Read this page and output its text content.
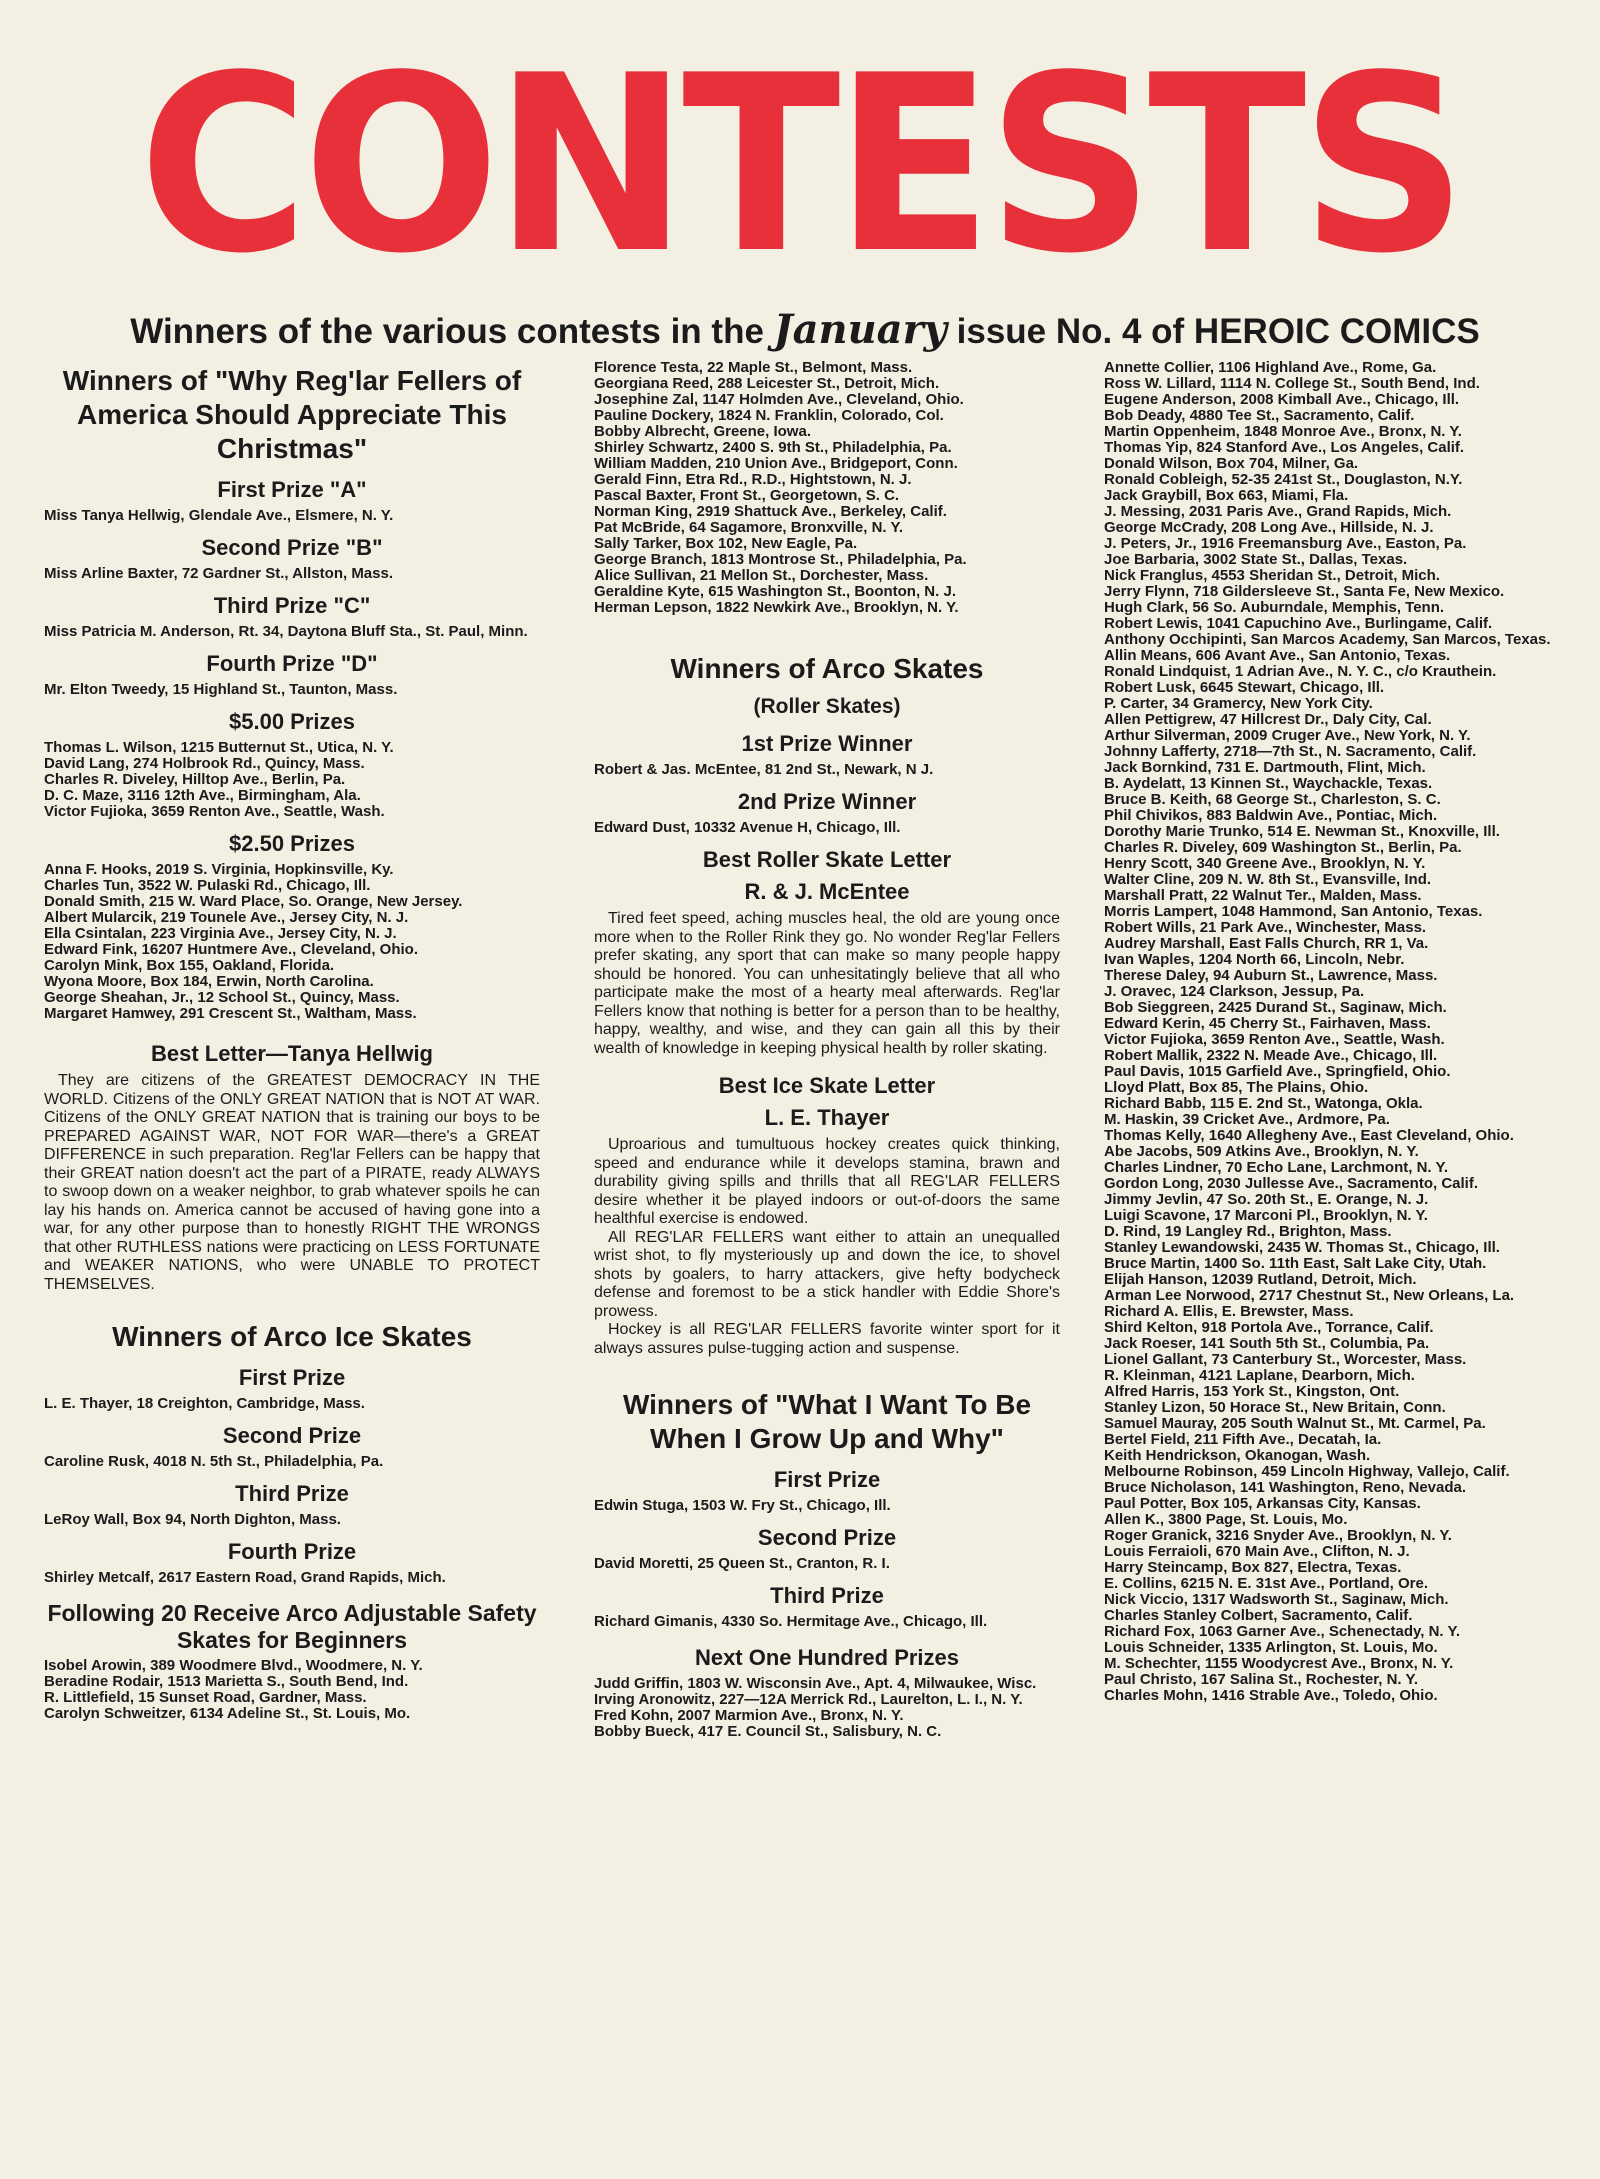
CONTESTS
Winners of the various contests in the January issue No. 4 of HEROIC COMICS
Winners of "Why Reg'lar Fellers of America Should Appreciate This Christmas"
First Prize "A"

Miss Tanya Hellwig, Glendale Ave., Elsmere, N. Y.

Second Prize "B"

Miss Arline Baxter, 72 Gardner St., Allston, Mass.

Third Prize "C"

Miss Patricia M. Anderson, Rt. 34, Daytona Bluff Sta., St. Paul, Minn.

Fourth Prize "D"

Mr. Elton Tweedy, 15 Highland St., Taunton, Mass.

$5.00 Prizes

Thomas L. Wilson, 1215 Butternut St., Utica, N. Y.

David Lang, 274 Holbrook Rd., Quincy, Mass.

Charles R. Diveley, Hilltop Ave., Berlin, Pa.

D. C. Maze, 3116 12th Ave., Birmingham, Ala.

Victor Fujioka, 3659 Renton Ave., Seattle, Wash.

$2.50 Prizes

Anna F. Hooks, 2019 S. Virginia, Hopkinsville, Ky.

Charles Tun, 3522 W. Pulaski Rd., Chicago, Ill.

Donald Smith, 215 W. Ward Place, So. Orange, New Jersey.

Albert Mularcik, 219 Tounele Ave., Jersey City, N. J.

Ella Csintalan, 223 Virginia Ave., Jersey City, N. J.

Edward Fink, 16207 Huntmere Ave., Cleveland, Ohio.

Carolyn Mink, Box 155, Oakland, Florida.

Wyona Moore, Box 184, Erwin, North Carolina.

George Sheahan, Jr., 12 School St., Quincy, Mass.

Margaret Hamwey, 291 Crescent St., Waltham, Mass.

Best Letter—Tanya Hellwig

They are citizens of the GREATEST DEMOCRACY IN THE WORLD. Citizens of the ONLY GREAT NATION that is NOT AT WAR. Citizens of the ONLY GREAT NATION that is training our boys to be PREPARED AGAINST WAR, NOT FOR WAR—there's a GREAT DIFFERENCE in such preparation. Reg'lar Fellers can be happy that their GREAT nation doesn't act the part of a PIRATE, ready ALWAYS to swoop down on a weaker neighbor, to grab whatever spoils he can lay his hands on. America cannot be accused of having gone into a war, for any other purpose than to honestly RIGHT THE WRONGS that other RUTHLESS nations were practicing on LESS FORTUNATE and WEAKER NATIONS, who were UNABLE TO PROTECT THEMSELVES.

Winners of Arco Ice Skates
First Prize

L. E. Thayer, 18 Creighton, Cambridge, Mass.

Second Prize

Caroline Rusk, 4018 N. 5th St., Philadelphia, Pa.

Third Prize

LeRoy Wall, Box 94, North Dighton, Mass.

Fourth Prize

Shirley Metcalf, 2617 Eastern Road, Grand Rapids, Mich.

Following 20 Receive Arco Adjustable Safety Skates for Beginners

Isobel Arowin, 389 Woodmere Blvd., Woodmere, N. Y.

Beradine Rodair, 1513 Marietta S., South Bend, Ind.

R. Littlefield, 15 Sunset Road, Gardner, Mass.

Carolyn Schweitzer, 6134 Adeline St., St. Louis, Mo.

Florence Testa, 22 Maple St., Belmont, Mass.

Georgiana Reed, 288 Leicester St., Detroit, Mich.

Josephine Zal, 1147 Holmden Ave., Cleveland, Ohio.

Pauline Dockery, 1824 N. Franklin, Colorado, Col.

Bobby Albrecht, Greene, Iowa.

Shirley Schwartz, 2400 S. 9th St., Philadelphia, Pa.

William Madden, 210 Union Ave., Bridgeport, Conn.

Gerald Finn, Etra Rd., R.D., Hightstown, N. J.

Pascal Baxter, Front St., Georgetown, S. C.

Norman King, 2919 Shattuck Ave., Berkeley, Calif.

Pat McBride, 64 Sagamore, Bronxville, N. Y.

Sally Tarker, Box 102, New Eagle, Pa.

George Branch, 1813 Montrose St., Philadelphia, Pa.

Alice Sullivan, 21 Mellon St., Dorchester, Mass.

Geraldine Kyte, 615 Washington St., Boonton, N. J.

Herman Lepson, 1822 Newkirk Ave., Brooklyn, N. Y.

Winners of Arco Skates
(Roller Skates)
1st Prize Winner

Robert & Jas. McEntee, 81 2nd St., Newark, N J.

2nd Prize Winner

Edward Dust, 10332 Avenue H, Chicago, Ill.

Best Roller Skate Letter
R. & J. McEntee

Tired feet speed, aching muscles heal, the old are young once more when to the Roller Rink they go. No wonder Reg'lar Fellers prefer skating, any sport that can make so many people happy should be honored. You can unhesitatingly believe that all who participate make the most of a hearty meal afterwards. Reg'lar Fellers know that nothing is better for a person than to be healthy, happy, wealthy, and wise, and they can gain all this by their wealth of knowledge in keeping physical health by roller skating.

Best Ice Skate Letter
L. E. Thayer

Uproarious and tumultuous hockey creates quick thinking, speed and endurance while it develops stamina, brawn and durability giving spills and thrills that all REG'LAR FELLERS desire whether it be played indoors or out-of-doors the same healthful exercise is endowed.

All REG'LAR FELLERS want either to attain an unequalled wrist shot, to fly mysteriously up and down the ice, to shovel shots by goalers, to harry attackers, give hefty bodycheck defense and foremost to be a stick handler with Eddie Shore's prowess.

Hockey is all REG'LAR FELLERS favorite winter sport for it always assures pulse-tugging action and suspense.

Winners of "What I Want To Be When I Grow Up and Why"
First Prize

Edwin Stuga, 1503 W. Fry St., Chicago, Ill.

Second Prize

David Moretti, 25 Queen St., Cranton, R. I.

Third Prize

Richard Gimanis, 4330 So. Hermitage Ave., Chicago, Ill.

Next One Hundred Prizes

Judd Griffin, 1803 W. Wisconsin Ave., Apt. 4, Milwaukee, Wisc.

Irving Aronowitz, 227—12A Merrick Rd., Laurelton, L. I., N. Y.

Fred Kohn, 2007 Marmion Ave., Bronx, N. Y.

Bobby Bueck, 417 E. Council St., Salisbury, N. C.

Annette Collier, 1106 Highland Ave., Rome, Ga.

Ross W. Lillard, 1114 N. College St., South Bend, Ind.

Eugene Anderson, 2008 Kimball Ave., Chicago, Ill.

Bob Deady, 4880 Tee St., Sacramento, Calif.

Martin Oppenheim, 1848 Monroe Ave., Bronx, N. Y.

Thomas Yip, 824 Stanford Ave., Los Angeles, Calif.

Donald Wilson, Box 704, Milner, Ga.

Ronald Cobleigh, 52-35 241st St., Douglaston, N.Y.

Jack Graybill, Box 663, Miami, Fla.

J. Messing, 2031 Paris Ave., Grand Rapids, Mich.

George McCrady, 208 Long Ave., Hillside, N. J.

J. Peters, Jr., 1916 Freemansburg Ave., Easton, Pa.

Joe Barbaria, 3002 State St., Dallas, Texas.

Nick Franglus, 4553 Sheridan St., Detroit, Mich.

Jerry Flynn, 718 Gildersleeve St., Santa Fe, New Mexico.

Hugh Clark, 56 So. Auburndale, Memphis, Tenn.

Robert Lewis, 1041 Capuchino Ave., Burlingame, Calif.

Anthony Occhipinti, San Marcos Academy, San Marcos, Texas.

Allin Means, 606 Avant Ave., San Antonio, Texas.

Ronald Lindquist, 1 Adrian Ave., N. Y. C., c/o Krauthein.

Robert Lusk, 6645 Stewart, Chicago, Ill.

P. Carter, 34 Gramercy, New York City.

Allen Pettigrew, 47 Hillcrest Dr., Daly City, Cal.

Arthur Silverman, 2009 Cruger Ave., New York, N. Y.

Johnny Lafferty, 2718—7th St., N. Sacramento, Calif.

Jack Bornkind, 731 E. Dartmouth, Flint, Mich.

B. Aydelatt, 13 Kinnen St., Waychackle, Texas.

Bruce B. Keith, 68 George St., Charleston, S. C.

Phil Chivikos, 883 Baldwin Ave., Pontiac, Mich.

Dorothy Marie Trunko, 514 E. Newman St., Knoxville, Ill.

Charles R. Diveley, 609 Washington St., Berlin, Pa.

Henry Scott, 340 Greene Ave., Brooklyn, N. Y.

Walter Cline, 209 N. W. 8th St., Evansville, Ind.

Marshall Pratt, 22 Walnut Ter., Malden, Mass.

Morris Lampert, 1048 Hammond, San Antonio, Texas.

Robert Wills, 21 Park Ave., Winchester, Mass.

Audrey Marshall, East Falls Church, RR 1, Va.

Ivan Waples, 1204 North 66, Lincoln, Nebr.

Therese Daley, 94 Auburn St., Lawrence, Mass.

J. Oravec, 124 Clarkson, Jessup, Pa.

Bob Sieggreen, 2425 Durand St., Saginaw, Mich.

Edward Kerin, 45 Cherry St., Fairhaven, Mass.

Victor Fujioka, 3659 Renton Ave., Seattle, Wash.

Robert Mallik, 2322 N. Meade Ave., Chicago, Ill.

Paul Davis, 1015 Garfield Ave., Springfield, Ohio.

Lloyd Platt, Box 85, The Plains, Ohio.

Richard Babb, 115 E. 2nd St., Watonga, Okla.

M. Haskin, 39 Cricket Ave., Ardmore, Pa.

Thomas Kelly, 1640 Allegheny Ave., East Cleveland, Ohio.

Abe Jacobs, 509 Atkins Ave., Brooklyn, N. Y.

Charles Lindner, 70 Echo Lane, Larchmont, N. Y.

Gordon Long, 2030 Jullesse Ave., Sacramento, Calif.

Jimmy Jevlin, 47 So. 20th St., E. Orange, N. J.

Luigi Scavone, 17 Marconi Pl., Brooklyn, N. Y.

D. Rind, 19 Langley Rd., Brighton, Mass.

Stanley Lewandowski, 2435 W. Thomas St., Chicago, Ill.

Bruce Martin, 1400 So. 11th East, Salt Lake City, Utah.

Elijah Hanson, 12039 Rutland, Detroit, Mich.

Arman Lee Norwood, 2717 Chestnut St., New Orleans, La.

Richard A. Ellis, E. Brewster, Mass.

Shird Kelton, 918 Portola Ave., Torrance, Calif.

Jack Roeser, 141 South 5th St., Columbia, Pa.

Lionel Gallant, 73 Canterbury St., Worcester, Mass.

R. Kleinman, 4121 Laplane, Dearborn, Mich.

Alfred Harris, 153 York St., Kingston, Ont.

Stanley Lizon, 50 Horace St., New Britain, Conn.

Samuel Mauray, 205 South Walnut St., Mt. Carmel, Pa.

Bertel Field, 211 Fifth Ave., Decatah, Ia.

Keith Hendrickson, Okanogan, Wash.

Melbourne Robinson, 459 Lincoln Highway, Vallejo, Calif.

Bruce Nicholason, 141 Washington, Reno, Nevada.

Paul Potter, Box 105, Arkansas City, Kansas.

Allen K., 3800 Page, St. Louis, Mo.

Roger Granick, 3216 Snyder Ave., Brooklyn, N. Y.

Louis Ferraioli, 670 Main Ave., Clifton, N. J.

Harry Steincamp, Box 827, Electra, Texas.

E. Collins, 6215 N. E. 31st Ave., Portland, Ore.

Nick Viccio, 1317 Wadsworth St., Saginaw, Mich.

Charles Stanley Colbert, Sacramento, Calif.

Richard Fox, 1063 Garner Ave., Schenectady, N. Y.

Louis Schneider, 1335 Arlington, St. Louis, Mo.

M. Schechter, 1155 Woodycrest Ave., Bronx, N. Y.

Paul Christo, 167 Salina St., Rochester, N. Y.

Charles Mohn, 1416 Strable Ave., Toledo, Ohio.
